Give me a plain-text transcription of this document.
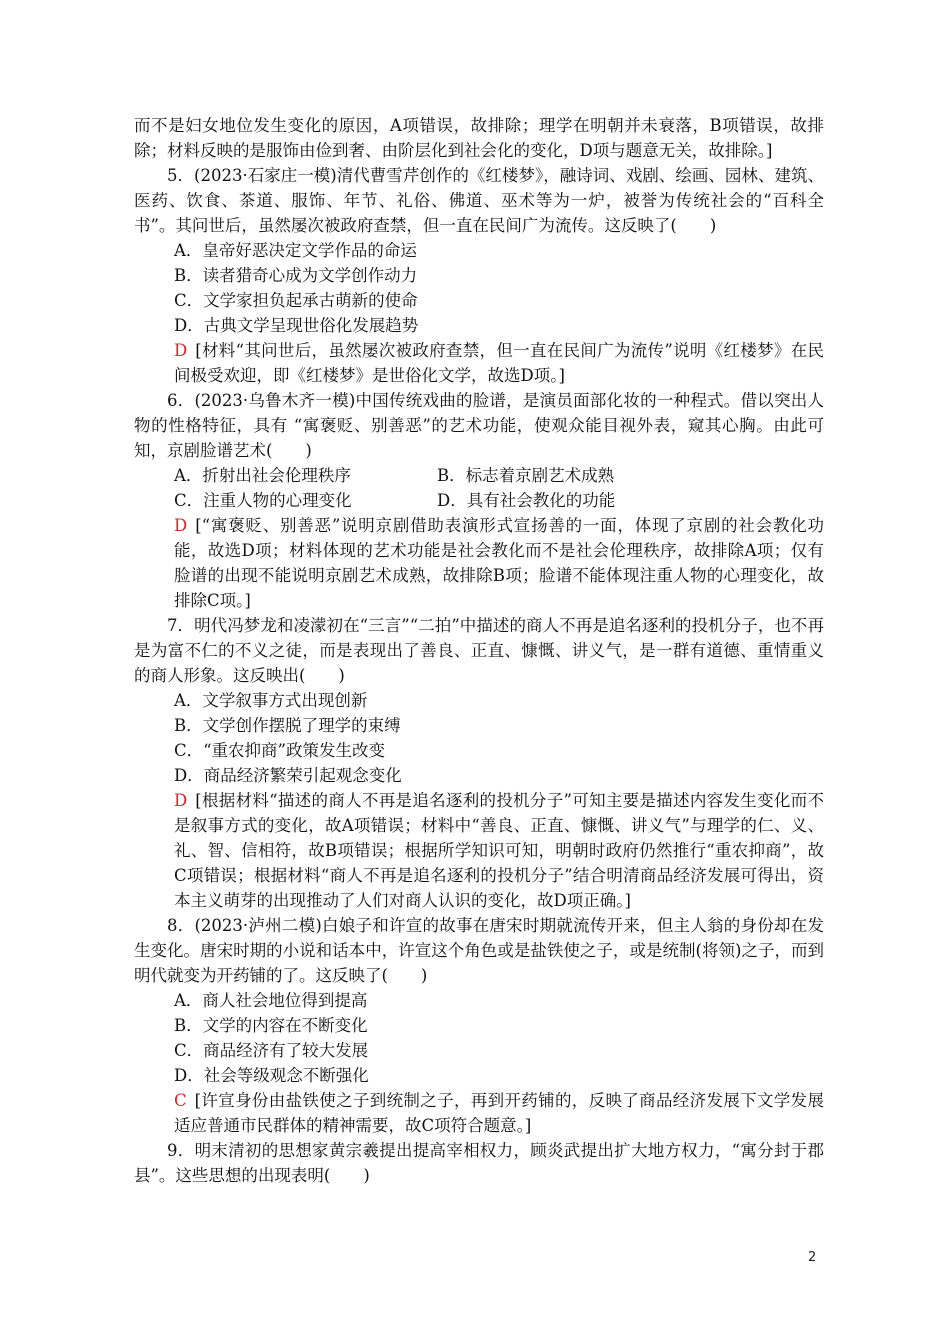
而不是妇女地位发生变化的原因，A项错误，故排除；理学在明朝并未衰落，B项错误，故排除；材料反映的是服饰由俭到奢、由阶层化到社会化的变化，D项与题意无关，故排除。]

5．(2023·石家庄一模)清代曹雪芹创作的《红楼梦》，融诗词、戏剧、绘画、园林、建筑、医药、饮食、茶道、服饰、年节、礼俗、佛道、巫术等为一炉，被誉为传统社会的“百科全书”。其问世后，虽然屡次被政府查禁，但一直在民间广为流传。这反映了(　　)

A．皇帝好恶决定文学作品的命运

B．读者猎奇心成为文学创作动力

C．文学家担负起承古萌新的使命

D．古典文学呈现世俗化发展趋势

D [材料“其问世后，虽然屡次被政府查禁，但一直在民间广为流传”说明《红楼梦》在民间极受欢迎，即《红楼梦》是世俗化文学，故选D项。]

6．(2023·乌鲁木齐一模)中国传统戏曲的脸谱，是演员面部化妆的一种程式。借以突出人物的性格特征，具有 “寓褒贬、别善恶”的艺术功能，使观众能目视外表，窥其心胸。由此可知，京剧脸谱艺术(　　)

A．折射出社会伦理秩序	B．标志着京剧艺术成熟
C．注重人物的心理变化	D．具有社会教化的功能

D [“寓褒贬、别善恶”说明京剧借助表演形式宣扬善的一面，体现了京剧的社会教化功能，故选D项；材料体现的艺术功能是社会教化而不是社会伦理秩序，故排除A项；仅有脸谱的出现不能说明京剧艺术成熟，故排除B项；脸谱不能体现注重人物的心理变化，故排除C项。]

7．明代冯梦龙和凌濛初在“三言”“二拍”中描述的商人不再是追名逐利的投机分子，也不再是为富不仁的不义之徒，而是表现出了善良、正直、慷慨、讲义气，是一群有道德、重情重义的商人形象。这反映出(　　)

A．文学叙事方式出现创新

B．文学创作摆脱了理学的束缚

C．“重农抑商”政策发生改变

D．商品经济繁荣引起观念变化

D [根据材料“描述的商人不再是追名逐利的投机分子”可知主要是描述内容发生变化而不是叙事方式的变化，故A项错误；材料中“善良、正直、慷慨、讲义气”与理学的仁、义、礼、智、信相符，故B项错误；根据所学知识可知，明朝时政府仍然推行“重农抑商”，故C项错误；根据材料“商人不再是追名逐利的投机分子”结合明清商品经济发展可得出，资本主义萌芽的出现推动了人们对商人认识的变化，故D项正确。]

8．(2023·泸州二模)白娘子和许宣的故事在唐宋时期就流传开来，但主人翁的身份却在发生变化。唐宋时期的小说和话本中，许宣这个角色或是盐铁使之子，或是统制(将领)之子，而到明代就变为开药铺的了。这反映了(　　)

A．商人社会地位得到提高

B．文学的内容在不断变化

C．商品经济有了较大发展

D．社会等级观念不断强化

C [许宣身份由盐铁使之子到统制之子，再到开药铺的，反映了商品经济发展下文学发展适应普通市民群体的精神需要，故C项符合题意。]

9．明末清初的思想家黄宗羲提出提高宰相权力，顾炎武提出扩大地方权力，“寓分封于郡县”。这些思想的出现表明(　　)

2
